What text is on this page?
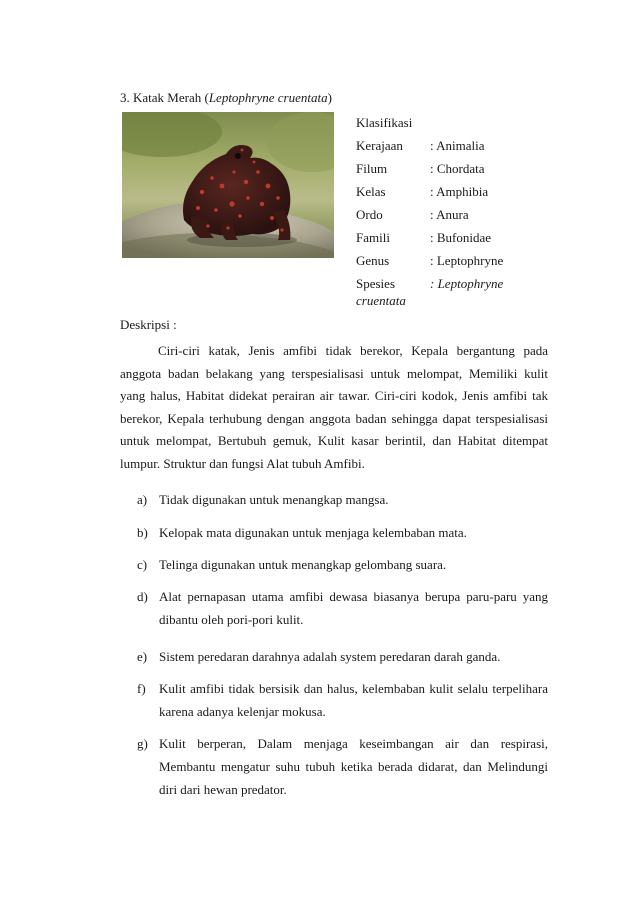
3. Katak Merah (Leptophryne cruentata)
Klasifikasi
Kerajaan : Animalia
Filum	: Chordata
Kelas	: Amphibia
Ordo	: Anura
Famili	: Bufonidae
Genus	: Leptophryne
Spesies	: Leptophryne
cruentata
Deskripsi :
Ciri-ciri katak, Jenis amfibi tidak berekor, Kepala bergantung pada anggota badan belakang yang terspesialisasi untuk melompat, Memiliki kulit yang halus, Habitat didekat perairan air tawar. Ciri-ciri kodok, Jenis amfibi tak berekor, Kepala terhubung dengan anggota badan sehingga dapat terspesialisasi untuk melompat, Bertubuh gemuk, Kulit kasar berintil, dan Habitat ditempat lumpur. Struktur dan fungsi Alat tubuh Amfibi.
a) Tidak digunakan untuk menangkap mangsa.
b) Kelopak mata digunakan untuk menjaga kelembaban mata.
c) Telinga digunakan untuk menangkap gelombang suara.
d) Alat pernapasan utama amfibi dewasa biasanya berupa paru-paru yang dibantu oleh pori-pori kulit.
e) Sistem peredaran darahnya adalah system peredaran darah ganda.
f) Kulit amfibi tidak bersisik dan halus, kelembaban kulit selalu terpelihara karena adanya kelenjar mokusa.
g) Kulit berperan, Dalam menjaga keseimbangan air dan respirasi, Membantu mengatur suhu tubuh ketika berada didarat, dan Melindungi diri dari hewan predator.
